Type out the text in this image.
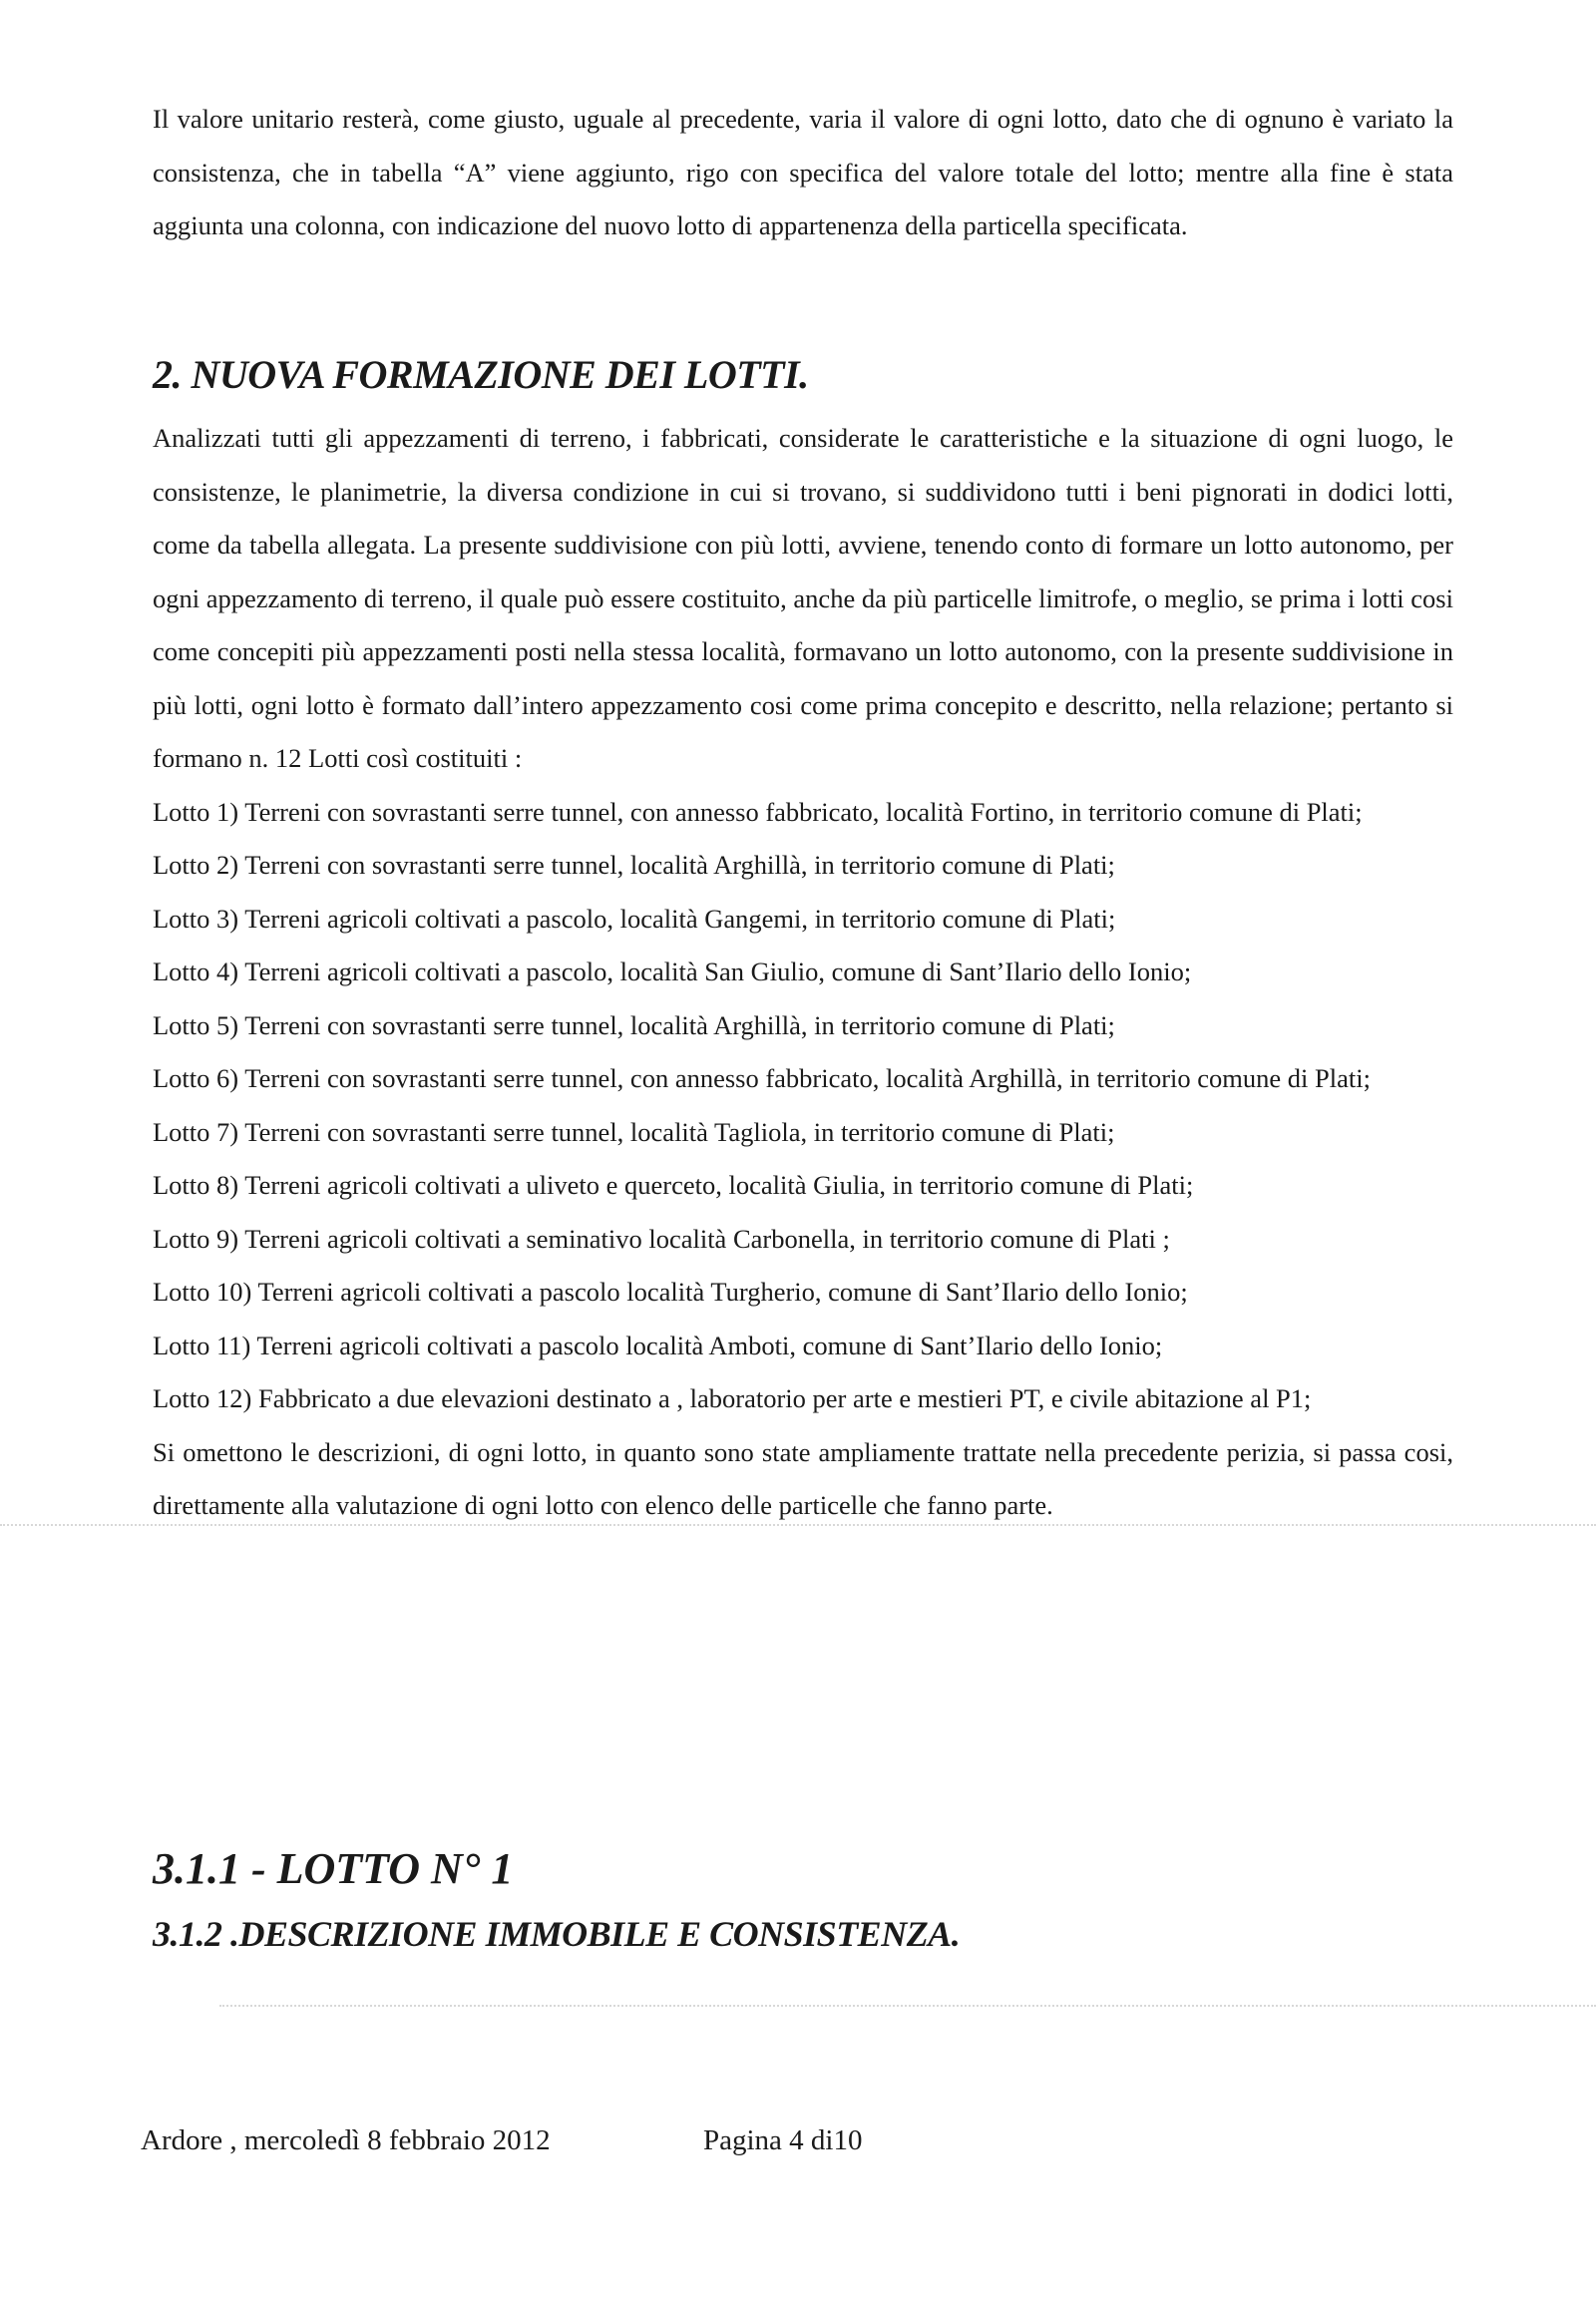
Il valore unitario resterà, come giusto, uguale al precedente, varia il valore di ogni lotto, dato che di ognuno è variato la consistenza, che in tabella “A” viene aggiunto, rigo con specifica del valore totale del lotto; mentre alla fine è stata aggiunta una colonna, con indicazione del nuovo lotto di appartenenza della particella specificata.

2. NUOVA FORMAZIONE DEI LOTTI.

Analizzati tutti gli appezzamenti di terreno, i fabbricati, considerate le caratteristiche e la situazione di ogni luogo, le consistenze, le planimetrie, la diversa condizione in cui si trovano, si suddividono tutti i beni pignorati in dodici lotti, come da tabella allegata. La presente suddivisione con più lotti, avviene, tenendo conto di formare un lotto autonomo, per ogni appezzamento di terreno, il quale può essere costituito, anche da più particelle limitrofe, o meglio, se prima i lotti cosi come concepiti più appezzamenti posti nella stessa località, formavano un lotto autonomo, con la presente suddivisione in più lotti, ogni lotto è formato dall’intero appezzamento cosi come prima concepito e descritto, nella relazione; pertanto si formano n. 12 Lotti così costituiti :

Lotto 1) Terreni con sovrastanti serre tunnel, con annesso fabbricato, località Fortino, in territorio comune di Plati;

Lotto 2) Terreni con sovrastanti serre tunnel, località Arghillà, in territorio comune di Plati;

Lotto 3) Terreni agricoli coltivati a pascolo, località Gangemi, in territorio comune di Plati;

Lotto 4) Terreni agricoli coltivati a pascolo, località San Giulio, comune di Sant’Ilario dello Ionio;

Lotto 5) Terreni con sovrastanti serre tunnel, località Arghillà, in territorio comune di Plati;

Lotto 6) Terreni con sovrastanti serre tunnel, con annesso fabbricato, località Arghillà, in territorio comune di Plati;

Lotto 7) Terreni con sovrastanti serre tunnel, località Tagliola, in territorio comune di Plati;

Lotto 8) Terreni agricoli coltivati a uliveto e querceto, località Giulia, in territorio comune di Plati;

Lotto 9) Terreni agricoli coltivati a seminativo località Carbonella, in territorio comune di Plati ;

Lotto 10) Terreni agricoli coltivati a pascolo località Turgherio, comune di Sant’Ilario dello Ionio;

Lotto 11) Terreni agricoli coltivati a pascolo località Amboti, comune di Sant’Ilario dello Ionio;

Lotto 12) Fabbricato a due elevazioni destinato a , laboratorio per arte e mestieri PT, e civile abitazione al P1;

Si omettono le descrizioni, di ogni lotto, in quanto sono state ampliamente trattate nella precedente perizia, si passa cosi, direttamente alla valutazione di ogni lotto con elenco delle particelle che fanno parte.

3.1.1 - LOTTO N° 1
3.1.2 .DESCRIZIONE IMMOBILE E CONSISTENZA.
Ardore , mercoledì 8 febbraio 2012	Pagina 4 di10
